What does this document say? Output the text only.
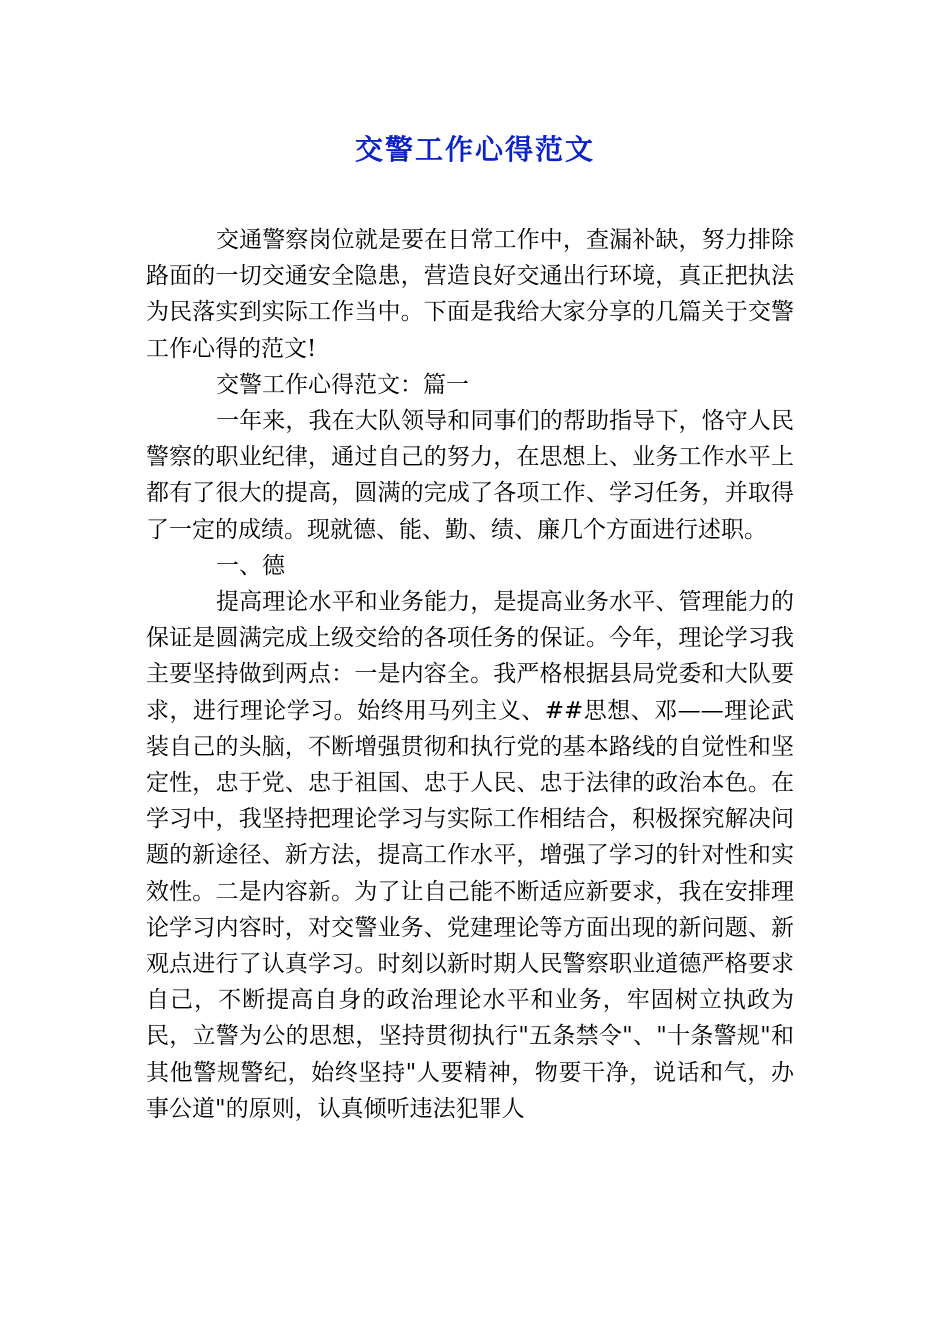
交警工作心得范文

交通警察岗位就是要在日常工作中，查漏补缺，努力排除路面的一切交通安全隐患，营造良好交通出行环境，真正把执法为民落实到实际工作当中。下面是我给大家分享的几篇关于交警工作心得的范文!

交警工作心得范文：篇一

一年来，我在大队领导和同事们的帮助指导下，恪守人民警察的职业纪律，通过自己的努力，在思想上、业务工作水平上都有了很大的提高，圆满的完成了各项工作、学习任务，并取得了一定的成绩。现就德、能、勤、绩、廉几个方面进行述职。

一、德

提高理论水平和业务能力，是提高业务水平、管理能力的保证是圆满完成上级交给的各项任务的保证。今年，理论学习我主要坚持做到两点：一是内容全。我严格根据县局党委和大队要求，进行理论学习。始终用马列主义、##思想、邓——理论武装自己的头脑，不断增强贯彻和执行党的基本路线的自觉性和坚定性，忠于党、忠于祖国、忠于人民、忠于法律的政治本色。在学习中，我坚持把理论学习与实际工作相结合，积极探究解决问题的新途径、新方法，提高工作水平，增强了学习的针对性和实效性。二是内容新。为了让自己能不断适应新要求，我在安排理论学习内容时，对交警业务、党建理论等方面出现的新问题、新观点进行了认真学习。时刻以新时期人民警察职业道德严格要求自己，不断提高自身的政治理论水平和业务，牢固树立执政为民，立警为公的思想，坚持贯彻执行"五条禁令"、"十条警规"和其他警规警纪，始终坚持"人要精神，物要干净，说话和气，办事公道"的原则，认真倾听违法犯罪人
